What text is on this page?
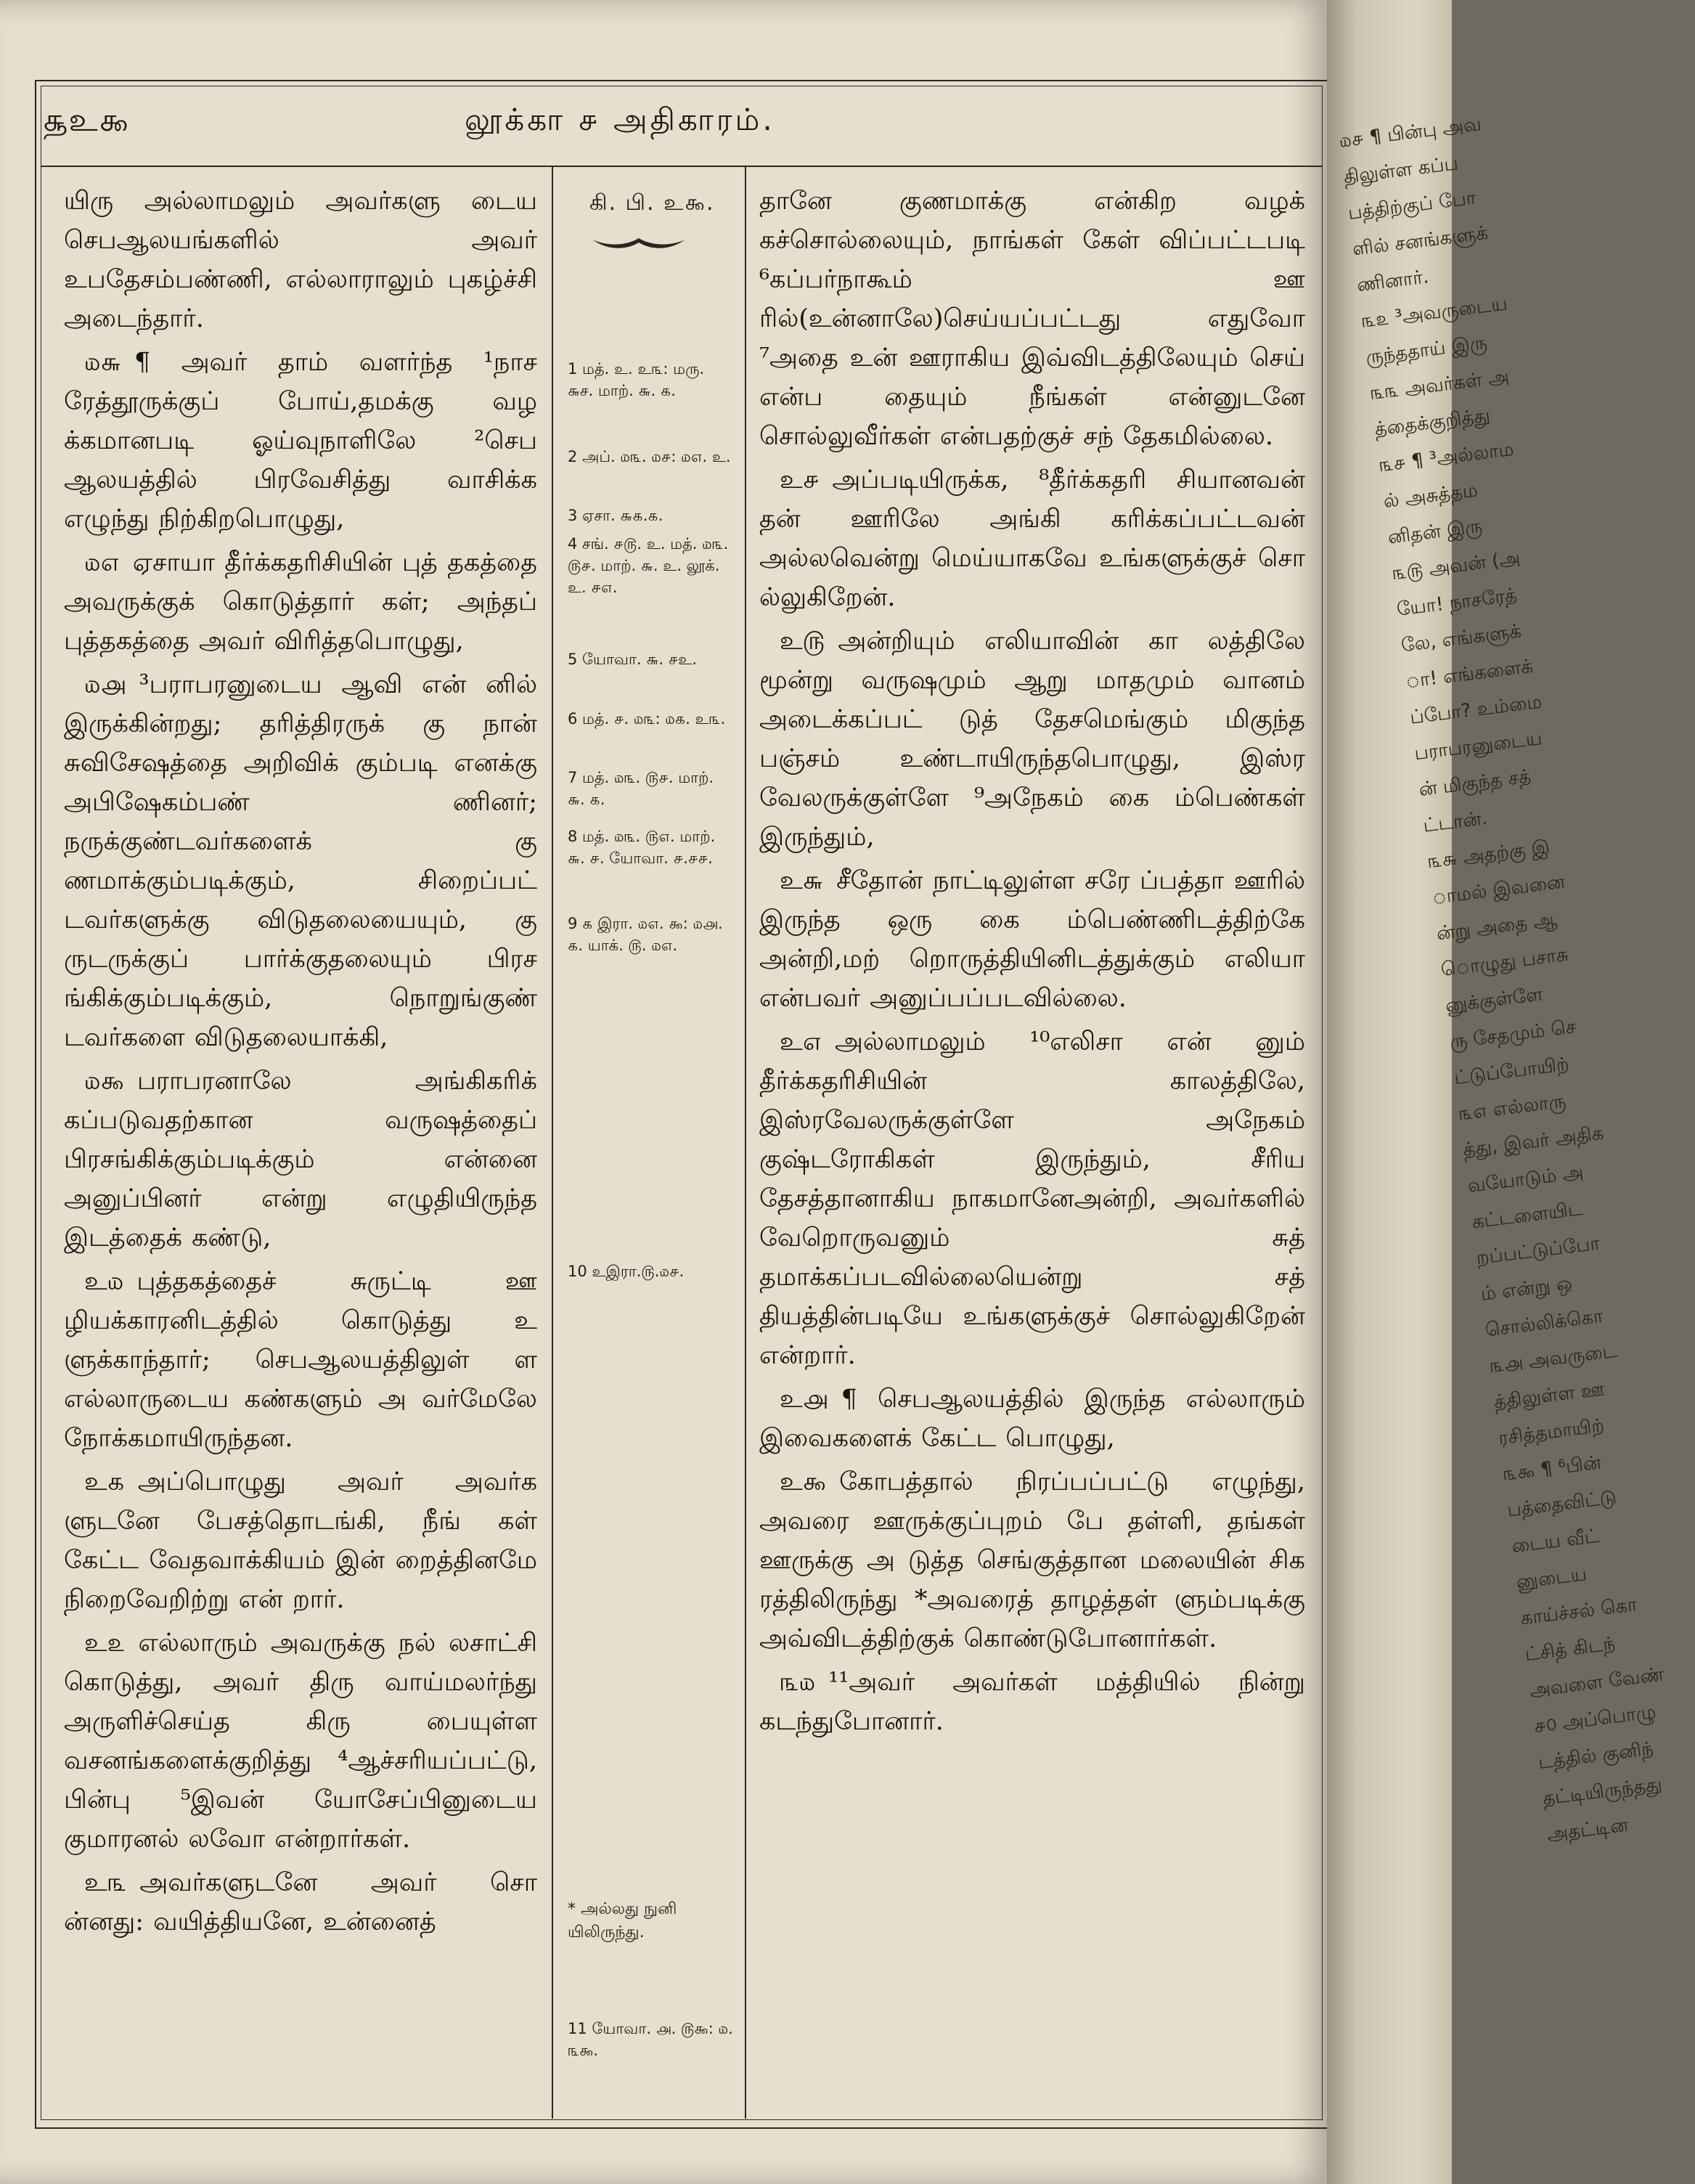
௲உ௯	லூக்கா ௪ அதிகாரம்.
யிரு அல்லாமலும் அவர்களு டைய செபஆலயங்களில் அவர் உபதேசம்பண்ணி, எல்லாராலும் புகழ்ச்சி அடைந்தார்.
௰௬ ¶ அவர் தாம் வளர்ந்த ¹நாச ரேத்தூருக்குப் போய்,தமக்கு வழ க்கமானபடி ஓய்வுநாளிலே ²செப ஆலயத்தில் பிரவேசித்து வாசிக்க எழுந்து நிற்கிறபொழுது,
௰௭ ஏசாயா தீர்க்கதரிசியின் புத் தகத்தை அவருக்குக் கொடுத்தார் கள்; அந்தப் புத்தகத்தை அவர் விரித்தபொழுது,
௰௮ ³பராபரனுடைய ஆவி என் னில் இருக்கின்றது; தரித்திரருக் கு நான் சுவிசேஷத்தை அறிவிக் கும்படி எனக்கு அபிஷேகம்பண் ணினர்; நருக்குண்டவர்களைக் கு ணமாக்கும்படிக்கும், சிறைப்பட் டவர்களுக்கு விடுதலையையும், கு ருடருக்குப் பார்க்குதலையும் பிரச ங்கிக்கும்படிக்கும், நொறுங்குண் டவர்களை விடுதலையாக்கி,
௰௯ பராபரனாலே அங்கிகரிக் கப்படுவதற்கான வருஷத்தைப் பிரசங்கிக்கும்படிக்கும் என்னை அனுப்பினர் என்று எழுதியிருந்த இடத்தைக் கண்டு,
உ௰ புத்தகத்தைச் சுருட்டி ஊ ழியக்காரனிடத்தில் கொடுத்து உ ளுக்காந்தார்; செபஆலயத்திலுள் ள எல்லாருடைய கண்களும் அ வர்மேலே நோக்கமாயிருந்தன.
உ௧ அப்பொழுது அவர் அவர்க ளுடனே பேசத்தொடங்கி, நீங் கள் கேட்ட வேதவாக்கியம் இன் றைத்தினமே நிறைவேறிற்று என் றார்.
உ௨ எல்லாரும் அவருக்கு நல் லசாட்சி கொடுத்து, அவர் திரு வாய்மலர்ந்து அருளிச்செய்த கிரு பையுள்ள வசனங்களைக்குறித்து ⁴ஆச்சரியப்பட்டு, பின்பு ⁵இவன் யோசேப்பினுடைய குமாரனல் லவோ என்றார்கள்.
உ௩ அவர்களுடனே அவர் சொ ன்னது: வயித்தியனே, உன்னைத்
கி. பி. உ௯.
1 மத். உ. உ௩: மரு. ௬ச. மாற். ௬. ௧.
2 அப். ௰௩. ௰௪: ௰௭. உ.
3 ஏசா. ௬௧.௧.
4 சங். ௪௫. உ. மத். ௰௩. ௫௪. மாற். ௬. உ. லூக். உ. ௪௭.
5 யோவா. ௬. ௪உ.
6 மத். ௪. ௰௩: ௰௧. உ௩.
7 மத். ௰௩. ௫௪. மாற். ௬. ௧.
8 மத். ௰௩. ௫௭. மாற். ௬. ௪. யோவா. ௪.௪௪.
9 ௧ இரா. ௰௭. ௯: ௰௮. ௧. யாக். ௫. ௰௭.
10 உஇரா.௫.௰௪.
11 யோவா. ௮. ௫௯: ௰. ௩௯.
* அல்லது நுனி யிலிருந்து.
தானே குணமாக்கு என்கிற வழக் கச்சொல்லையும், நாங்கள் கேள் விப்பட்டபடி ⁶கப்பர்நாகூம் ஊ ரில்(உன்னாலே)செய்யப்பட்டது எதுவோ ⁷அதை உன் ஊராகிய இவ்விடத்திலேயும் செய் என்ப தையும் நீங்கள் என்னுடனே சொல்லுவீர்கள் என்பதற்குச் சந் தேகமில்லை.
உ௪ அப்படியிருக்க, ⁸தீர்க்கதரி சியானவன் தன் ஊரிலே அங்கி கரிக்கப்பட்டவன் அல்லவென்று மெய்யாகவே உங்களுக்குச் சொ ல்லுகிறேன்.
உ௫ அன்றியும் எலியாவின் கா லத்திலே மூன்று வருஷமும் ஆறு மாதமும் வானம் அடைக்கப்பட் டுத் தேசமெங்கும் மிகுந்த பஞ்சம் உண்டாயிருந்தபொழுது, இஸ்ர வேலருக்குள்ளே ⁹அநேகம் கை ம்பெண்கள் இருந்தும்,
உ௬ சீதோன் நாட்டிலுள்ள சரே ப்பத்தா ஊரில் இருந்த ஒரு கை ம்பெண்ணிடத்திற்கே அன்றி,மற் றொருத்தியினிடத்துக்கும் எலியா என்பவர் அனுப்பப்படவில்லை.
உ௭ அல்லாமலும் ¹⁰எலிசா என் னும் தீர்க்கதரிசியின் காலத்திலே, இஸ்ரவேலருக்குள்ளே அநேகம் குஷ்டரோகிகள் இருந்தும், சீரிய தேசத்தானாகிய நாகமானேஅன்றி, அவர்களில் வேறொருவனும் சுத் தமாக்கப்படவில்லையென்று சத் தியத்தின்படியே உங்களுக்குச் சொல்லுகிறேன் என்றார்.
உ௮ ¶ செபஆலயத்தில் இருந்த எல்லாரும் இவைகளைக் கேட்ட பொழுது,
உ௯ கோபத்தால் நிரப்பப்பட்டு எழுந்து, அவரை ஊருக்குப்புறம் பே தள்ளி, தங்கள் ஊருக்கு அ டுத்த செங்குத்தான மலையின் சிக ரத்திலிருந்து *அவரைத் தாழத்தள் ளும்படிக்கு அவ்விடத்திற்குக் கொண்டுபோனார்கள்.
௩௰ ¹¹அவர் அவர்கள் மத்தியில் நின்று கடந்துபோனார்.
௰௪ ¶ பின்பு அவ
திலுள்ள கப்ப
பத்திற்குப் போ
ளில் சனங்களுக்
ணினார்.
௩௨ ³அவருடைய
ருந்ததாய் இரு
௩௩ அவர்கள் அ
த்தைக்குறித்து
௩௪ ¶ ³அல்லாம
ல் அசுத்தம
னிதன் இரு
௩௫ அவன் (அ
யோ! நாசரேத்
லே, எங்களுக்
ா! எங்களைக்
ப்போ? உம்மை
பராபரனுடைய
ன் மிகுந்த சத்
ட்டான்.
௩௬ அதற்கு இ
ாமல் இவனை
ன்று அதை ஆ
ொழுது பசாசு
னுக்குள்ளே
ரு சேதமும் செ
ட்டுப்போயிற்
௩௭ எல்லாரு
த்து, இவர் அதிக
வயோடும் அ
கட்டளையிட
றப்பட்டுப்போ
ம் என்று ஒ
சொல்லிக்கொ
௩௮ அவருடை
த்திலுள்ள ஊ
ரசித்தமாயிற்
௩௯ ¶ ⁶பின்
பத்தைவிட்டு
டைய வீட்
னுடைய
காய்ச்சல் கொ
ட்சித் கிடந்
அவளை வேண்
௪௦ அப்பொழு
டத்தில் குனிந்
தட்டியிருந்தது
அதட்டின
